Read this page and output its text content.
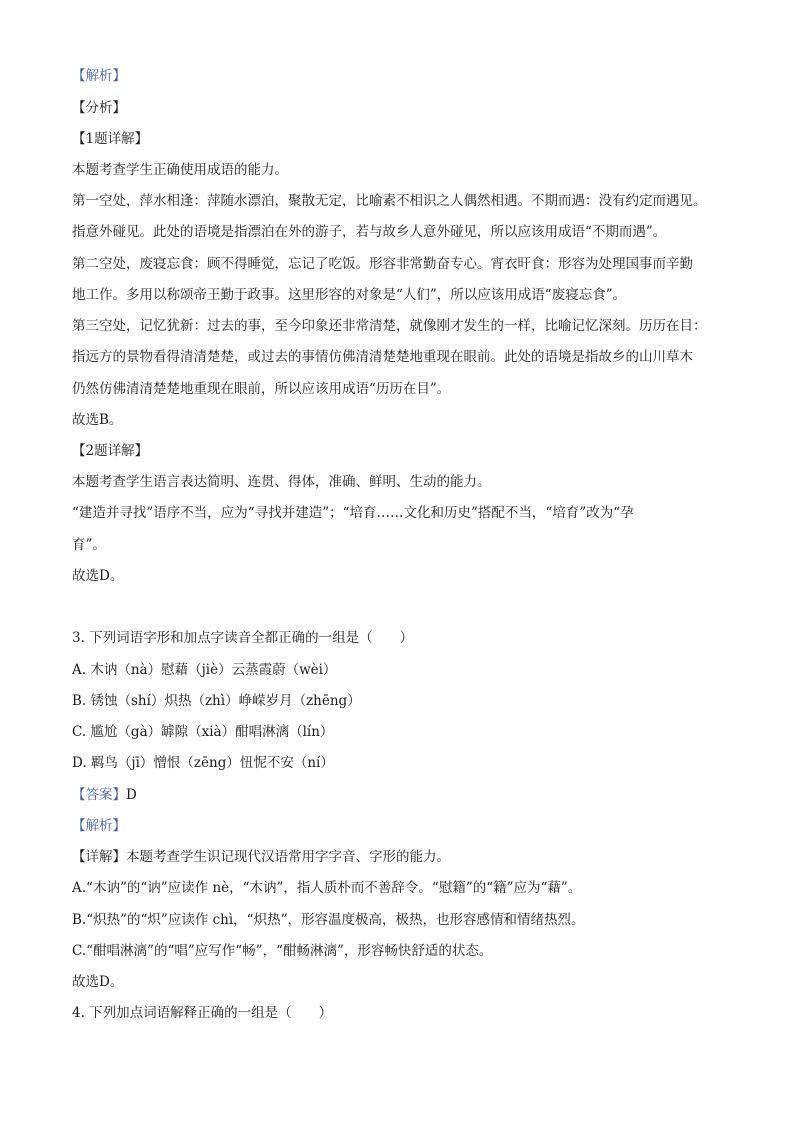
【解析】
【分析】
【1题详解】
本题考查学生正确使用成语的能力。
第一空处，萍水相逢：萍随水漂泊，聚散无定，比喻素不相识之人偶然相遇。不期而遇：没有约定而遇见。
指意外碰见。此处的语境是指漂泊在外的游子，若与故乡人意外碰见，所以应该用成语“不期而遇”。
第二空处，废寝忘食：顾不得睡觉，忘记了吃饭。形容非常勤奋专心。宵衣旰食：形容为处理国事而辛勤
地工作。多用以称颂帝王勤于政事。这里形容的对象是“人们”，所以应该用成语“废寝忘食”。
第三空处，记忆犹新：过去的事，至今印象还非常清楚，就像刚才发生的一样，比喻记忆深刻。历历在目：
指远方的景物看得清清楚楚，或过去的事情仿佛清清楚楚地重现在眼前。此处的语境是指故乡的山川草木
仍然仿佛清清楚楚地重现在眼前，所以应该用成语“历历在目”。
故选B。
【2题详解】
本题考查学生语言表达简明、连贯、得体，准确、鲜明、生动的能力。
“建造并寻找”语序不当，应为“寻找并建造”；“培育……文化和历史”搭配不当，“培育”改为“孕
育”。
故选D。
3. 下列词语字形和加点字读音全都正确的一组是（　　）
A. 木讷（nà）慰藉（jiè）云蒸霞蔚（wèi）
B. 锈蚀（shí）炽热（zhì）峥嵘岁月（zhēng）
C. 尴尬（gà）罅隙（xià）酣唱淋漓（lín）
D. 羁鸟（jī）憎恨（zēng）忸怩不安（ní）
【答案】D
【解析】
【详解】本题考查学生识记现代汉语常用字字音、字形的能力。
A.“木讷”的“讷”应读作 nè，“木讷”，指人质朴而不善辞令。“慰籍”的“籍”应为“藉”。
B.“炽热”的“炽”应读作 chì，“炽热”，形容温度极高，极热，也形容感情和情绪热烈。
C.“酣唱淋漓”的“唱”应写作“畅”，“酣畅淋漓”，形容畅快舒适的状态。
故选D。
4. 下列加点词语解释正确的一组是（　　）
